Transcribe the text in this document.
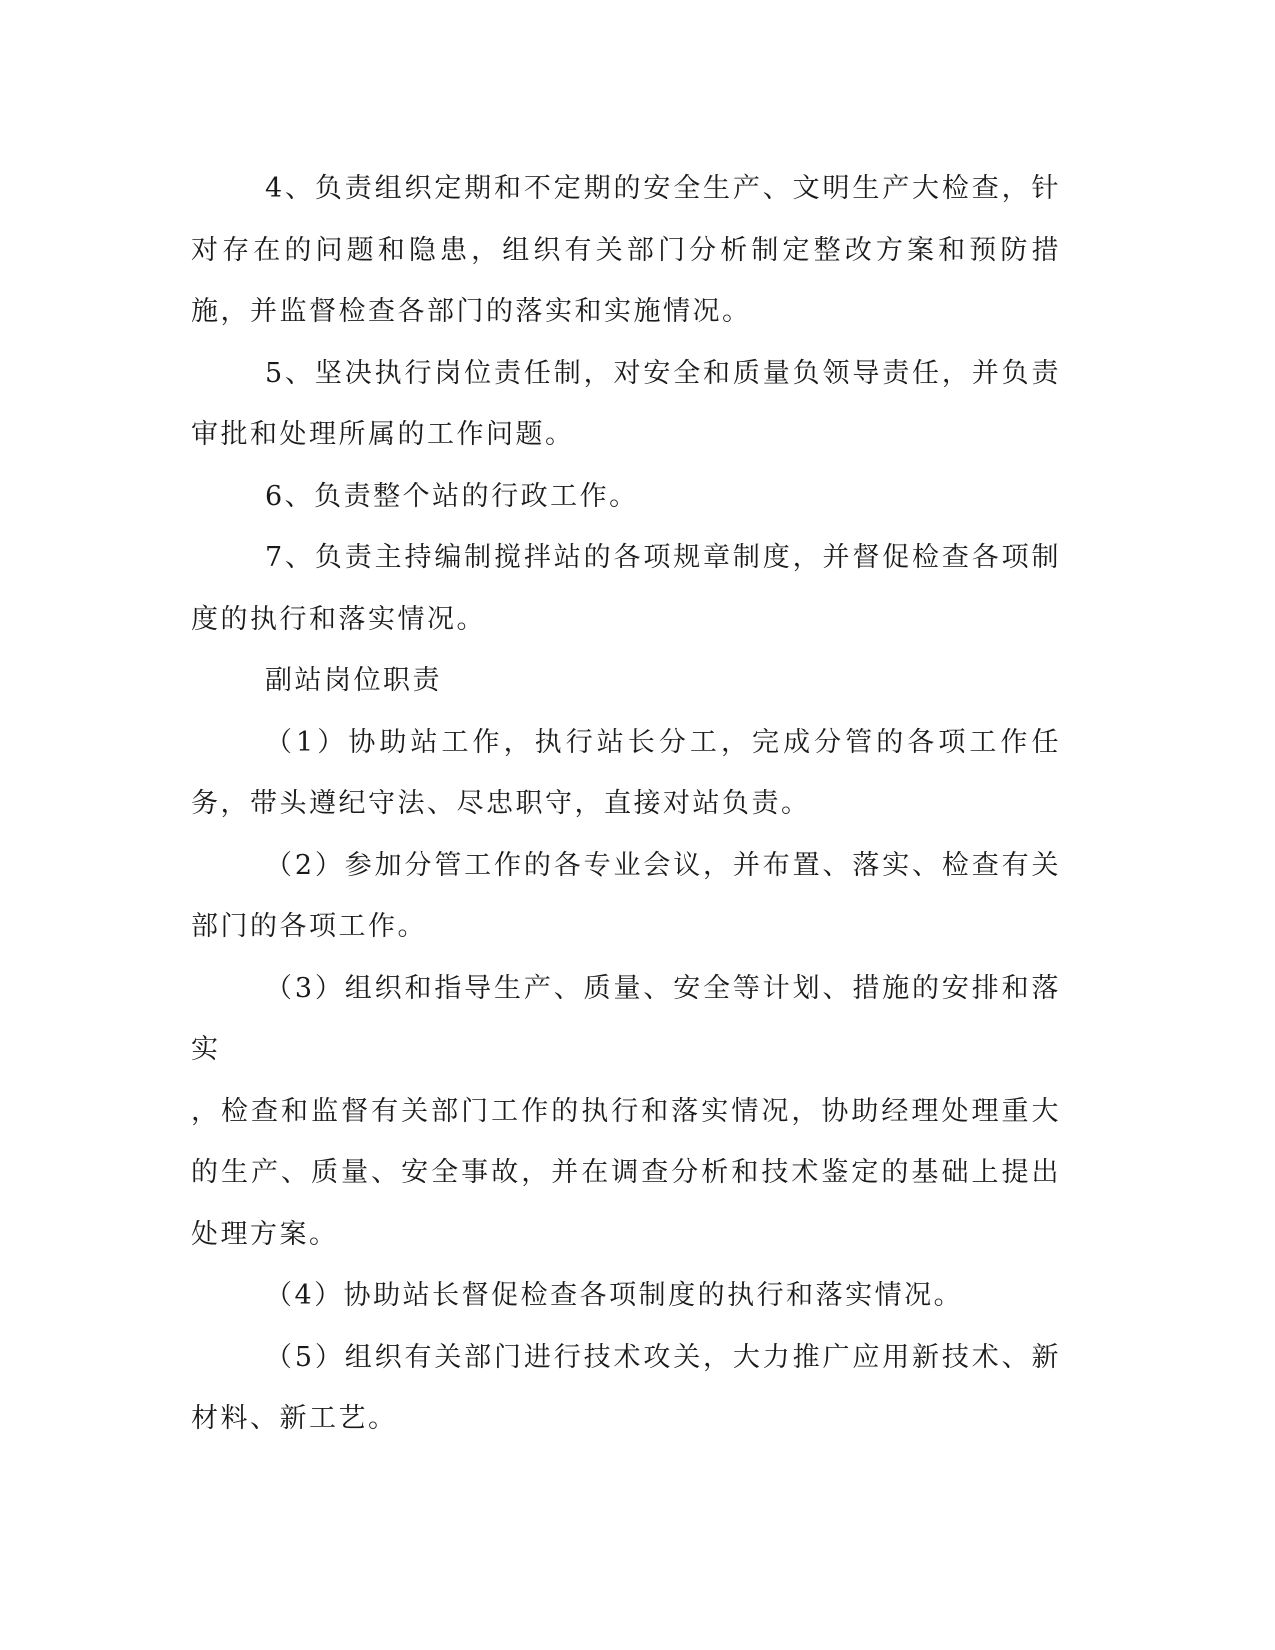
4、负责组织定期和不定期的安全生产、文明生产大检查，针对存在的问题和隐患，组织有关部门分析制定整改方案和预防措施，并监督检查各部门的落实和实施情况。

5、坚决执行岗位责任制，对安全和质量负领导责任，并负责审批和处理所属的工作问题。

6、负责整个站的行政工作。

7、负责主持编制搅拌站的各项规章制度，并督促检查各项制度的执行和落实情况。

副站岗位职责

（1）协助站工作，执行站长分工，完成分管的各项工作任务，带头遵纪守法、尽忠职守，直接对站负责。

（2）参加分管工作的各专业会议，并布置、落实、检查有关部门的各项工作。

（3）组织和指导生产、质量、安全等计划、措施的安排和落实

，检查和监督有关部门工作的执行和落实情况，协助经理处理重大的生产、质量、安全事故，并在调查分析和技术鉴定的基础上提出处理方案。

（4）协助站长督促检查各项制度的执行和落实情况。

（5）组织有关部门进行技术攻关，大力推广应用新技术、新材料、新工艺。
